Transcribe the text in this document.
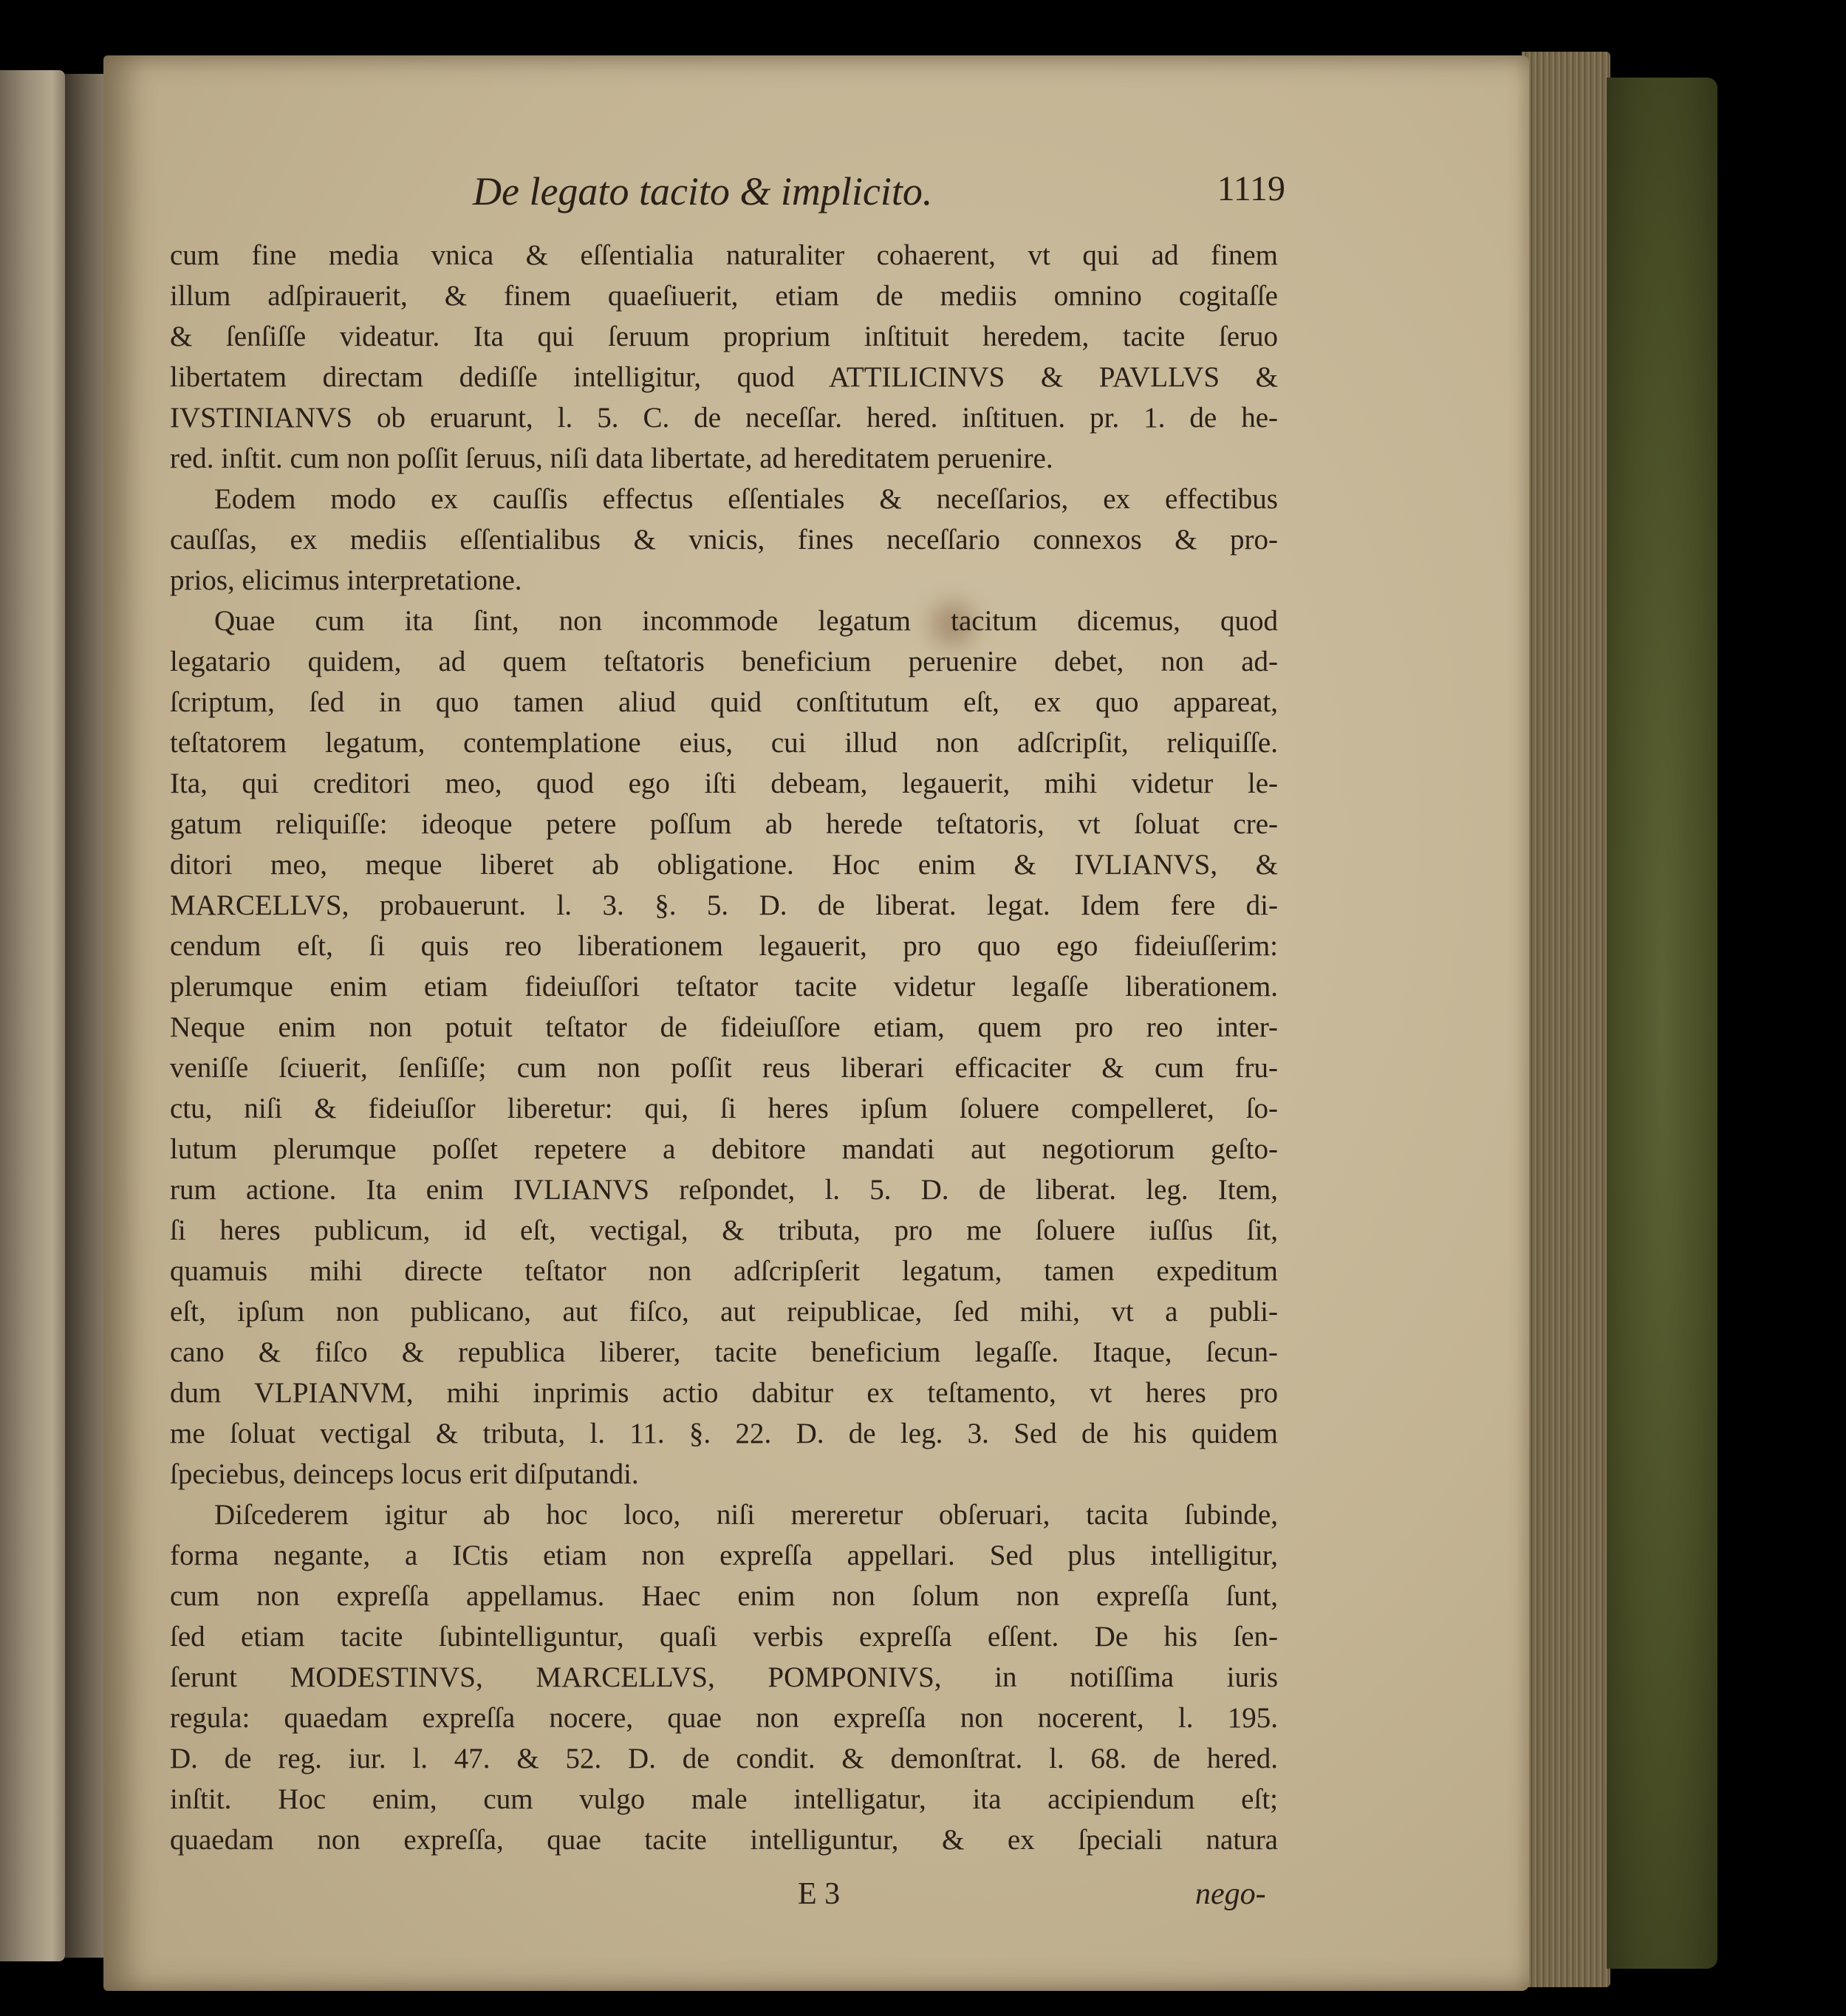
De legato tacito & implicito.	1119
cum fine media vnica & eſſentialia naturaliter cohaerent, vt qui ad finem
illum adſpirauerit, & finem quaeſiuerit, etiam de mediis omnino cogitaſſe
& ſenſiſſe videatur. Ita qui ſeruum proprium inſtituit heredem, tacite ſeruo
libertatem directam dediſſe intelligitur, quod ATTILICINVS & PAVLLVS &
IVSTINIANVS ob eruarunt, l. 5. C. de neceſſar. hered. inſtituen. pr. 1. de he-
red. inſtit. cum non poſſit ſeruus, niſi data libertate, ad hereditatem peruenire.
Eodem modo ex cauſſis effectus eſſentiales & neceſſarios, ex effectibus
cauſſas, ex mediis eſſentialibus & vnicis, fines neceſſario connexos & pro-
prios, elicimus interpretatione.
Quae cum ita ſint, non incommode legatum tacitum dicemus, quod
legatario quidem, ad quem teſtatoris beneficium peruenire debet, non ad-
ſcriptum, ſed in quo tamen aliud quid conſtitutum eſt, ex quo appareat,
teſtatorem legatum, contemplatione eius, cui illud non adſcripſit, reliquiſſe.
Ita, qui creditori meo, quod ego iſti debeam, legauerit, mihi videtur le-
gatum reliquiſſe: ideoque petere poſſum ab herede teſtatoris, vt ſoluat cre-
ditori meo, meque liberet ab obligatione. Hoc enim & IVLIANVS, &
MARCELLVS, probauerunt. l. 3. §. 5. D. de liberat. legat. Idem fere di-
cendum eſt, ſi quis reo liberationem legauerit, pro quo ego fideiuſſerim:
plerumque enim etiam fideiuſſori teſtator tacite videtur legaſſe liberationem.
Neque enim non potuit teſtator de fideiuſſore etiam, quem pro reo inter-
veniſſe ſciuerit, ſenſiſſe; cum non poſſit reus liberari efficaciter & cum fru-
ctu, niſi & fideiuſſor liberetur: qui, ſi heres ipſum ſoluere compelleret, ſo-
lutum plerumque poſſet repetere a debitore mandati aut negotiorum geſto-
rum actione. Ita enim IVLIANVS reſpondet, l. 5. D. de liberat. leg. Item,
ſi heres publicum, id eſt, vectigal, & tributa, pro me ſoluere iuſſus ſit,
quamuis mihi directe teſtator non adſcripſerit legatum, tamen expeditum
eſt, ipſum non publicano, aut fiſco, aut reipublicae, ſed mihi, vt a publi-
cano & fiſco & republica liberer, tacite beneficium legaſſe. Itaque, ſecun-
dum VLPIANVM, mihi inprimis actio dabitur ex teſtamento, vt heres pro
me ſoluat vectigal & tributa, l. 11. §. 22. D. de leg. 3. Sed de his quidem
ſpeciebus, deinceps locus erit diſputandi.
Diſcederem igitur ab hoc loco, niſi mereretur obſeruari, tacita ſubinde,
forma negante, a ICtis etiam non expreſſa appellari. Sed plus intelligitur,
cum non expreſſa appellamus. Haec enim non ſolum non expreſſa ſunt,
ſed etiam tacite ſubintelliguntur, quaſi verbis expreſſa eſſent. De his ſen-
ſerunt MODESTINVS, MARCELLVS, POMPONIVS, in notiſſima iuris
regula: quaedam expreſſa nocere, quae non expreſſa non nocerent, l. 195.
D. de reg. iur. l. 47. & 52. D. de condit. & demonſtrat. l. 68. de hered.
inſtit. Hoc enim, cum vulgo male intelligatur, ita accipiendum eſt;
quaedam non expreſſa, quae tacite intelliguntur, & ex ſpeciali natura
E 3	nego-
